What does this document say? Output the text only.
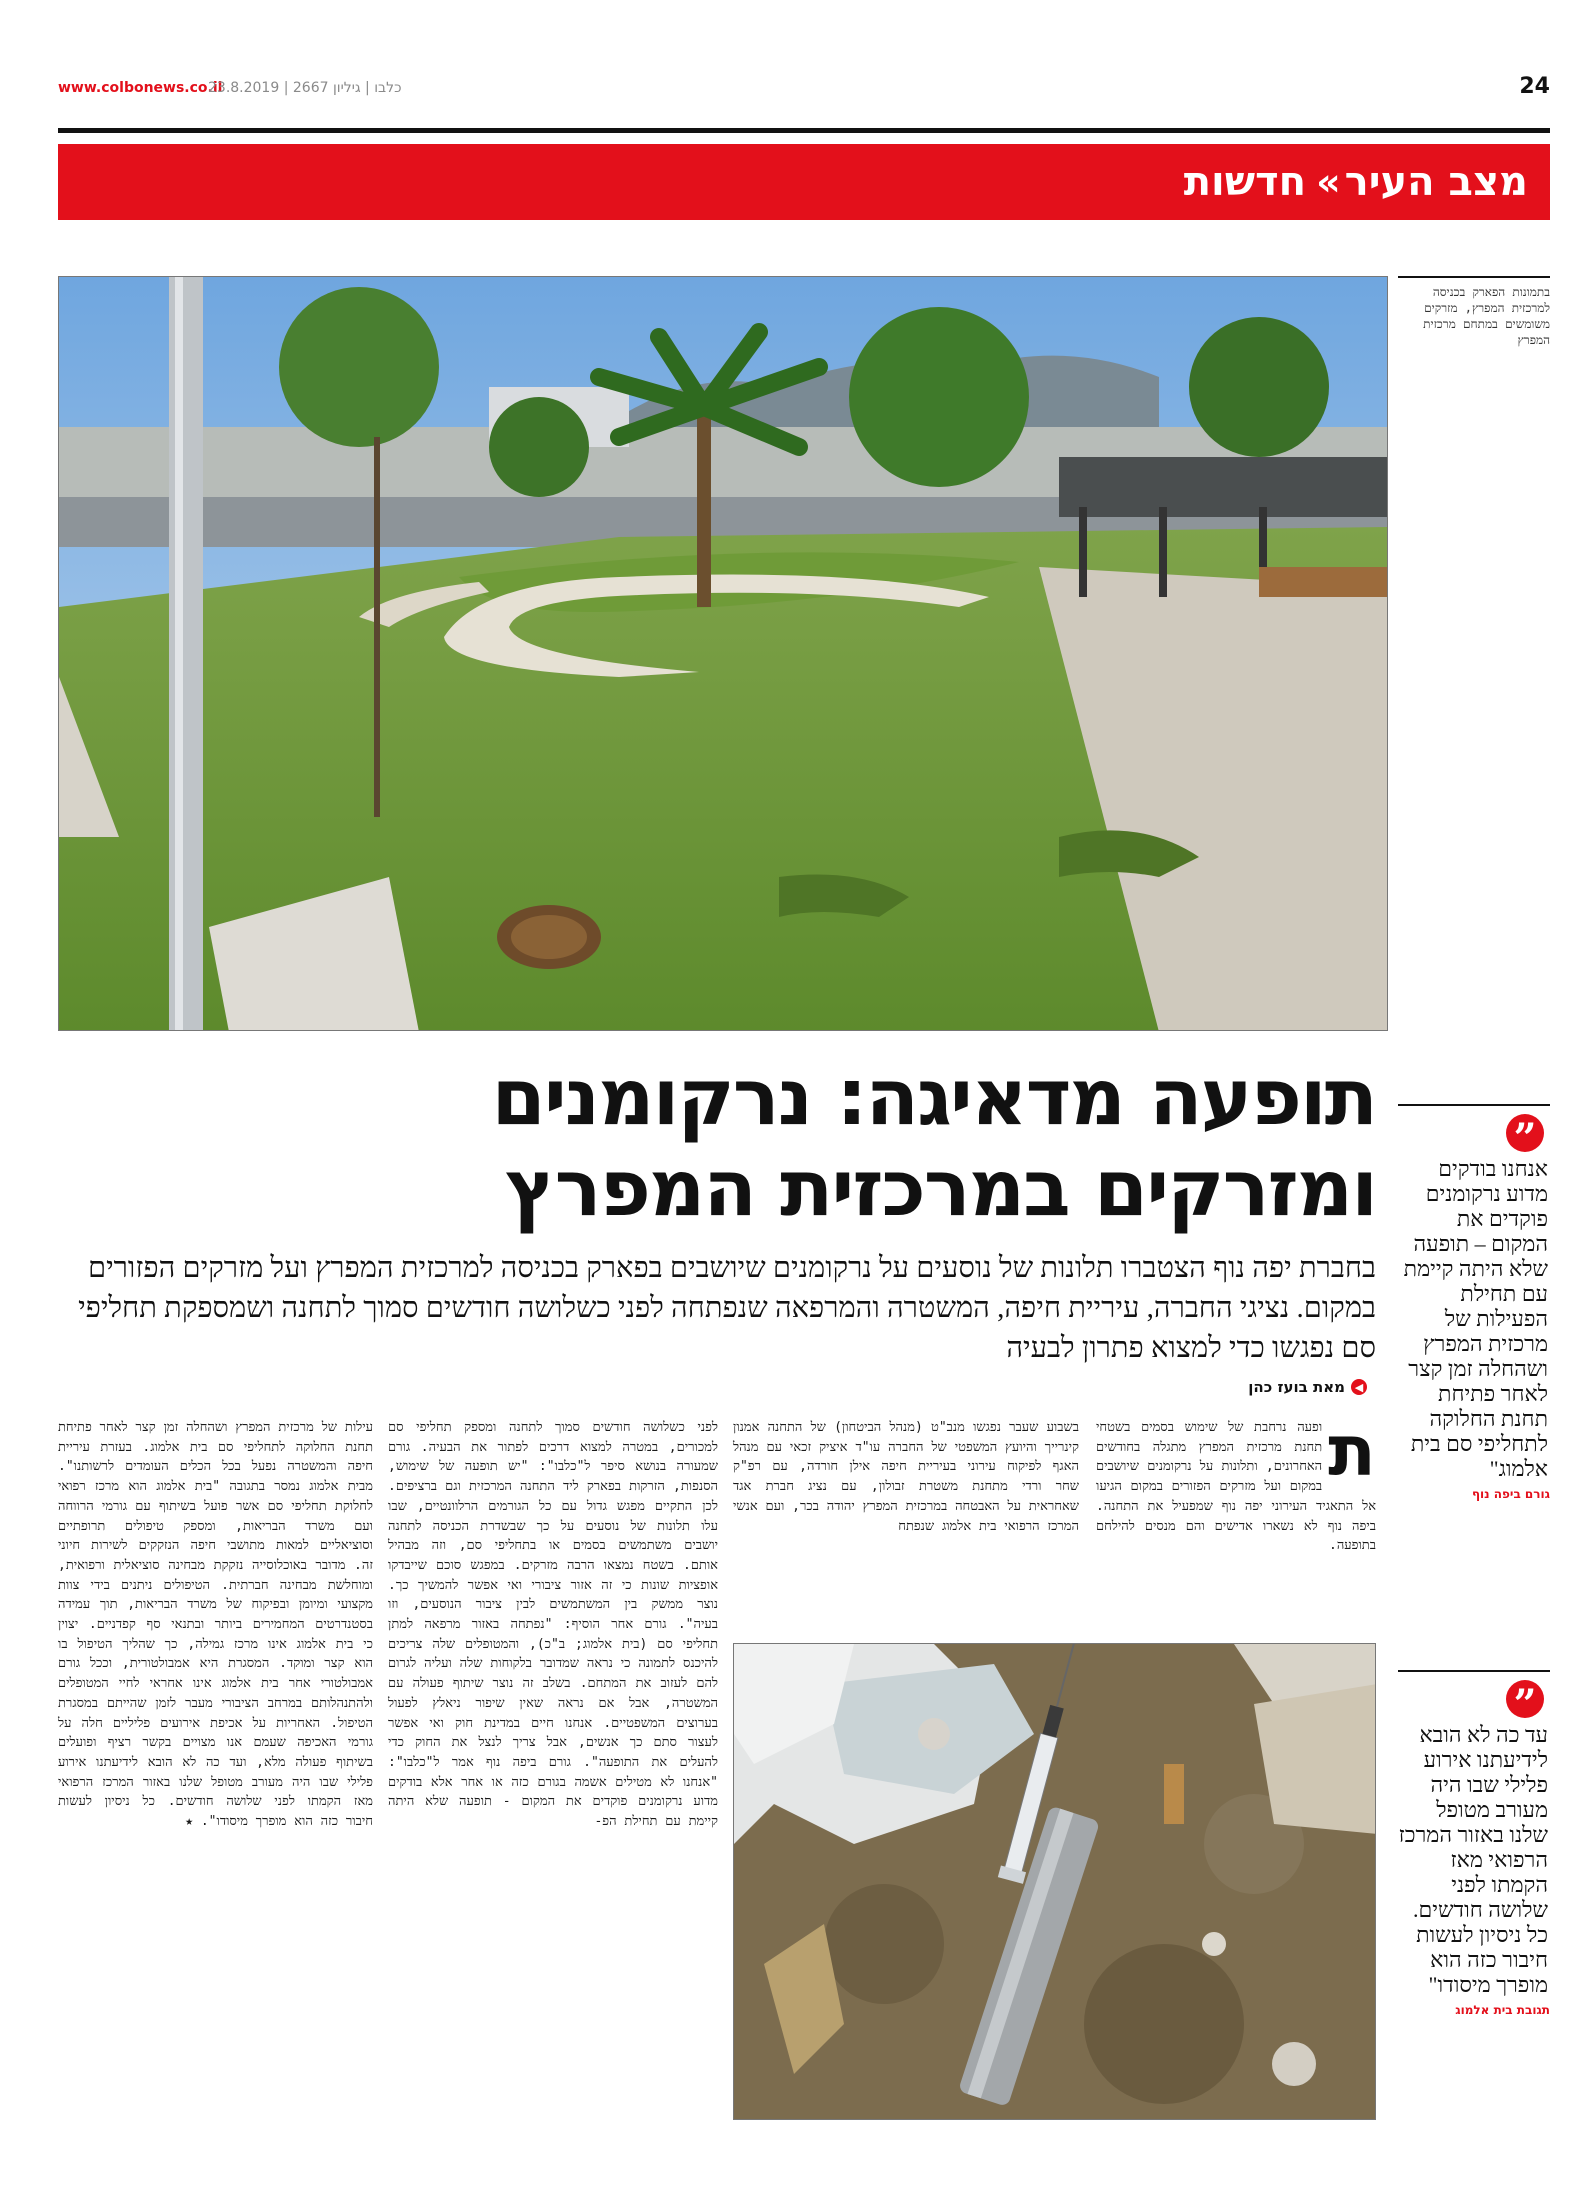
www.colbonews.co.il
כלבו | גיליון 2667 | 23.8.2019	24
מצב העיר
»
חדשות
בתמונות הפארק בכניסה למרכזית המפרץ, מזרקים משומשים במתחם מרכזית המפרץ
תופעה מדאיגה: נרקומנים
ומזרקים במרכזית המפרץ
בחברת יפה נוף הצטברו תלונות של נוסעים על נרקומנים שיושבים בפארק בכניסה למרכזית המפרץ ועל מזרקים הפזורים במקום. נציגי החברה, עיריית חיפה, המשטרה והמרפאה שנפתחה לפני כשלושה חודשים סמוך לתחנה ושמספקת תחליפי סם נפגשו כדי למצוא פתרון לבעיה
◀
מאת בועז כהן
ת

ופעה נרחבת של שימוש בסמים בשטחי תחנת מרכזית המפרץ מתגלה בחודשים האחרונים, ותלונות על נרקומנים שיושבים במקום ועל מזרקים הפזורים במקום הגיעו אל התאגיד העירוני יפה נוף שמפעיל את התחנה. ביפה נוף לא נשארו אדישים והם מנסים להילחם בתופעה.

בשבוע שעבר נפגשו מנב"ט (מנהל הביטחון) של התחנה אמנון קינרייך והיועץ המשפטי של החברה עו"ד איציק זכאי עם מנהל האגף לפיקוח עירוני בעיריית חיפה אילן חורדה, עם רפ"ק שחר ורדי מתחנת משטרת זבולון, עם נציג חברת אגד שאחראית על האבטחה במרכזית המפרץ יהודה בכר, ועם אנשי המרכז הרפואי בית אלמוג שנפתח

לפני כשלושה חודשים סמוך לתחנה ומספק תחליפי סם למכורים, במטרה למצוא דרכים לפתור את הבעיה. גורם שמעורה בנושא סיפר ל"כלבו": "יש תופעה של שימוש, הסנפות, הזרקות בפארק ליד התחנה המרכזית וגם ברציפים. לכן התקיים מפגש גדול עם כל הגורמים הרלוונטיים, שבו עלו תלונות של נוסעים על כך שבשדרת הכניסה לתחנה יושבים משתמשים בסמים או בתחליפי סם, וזה מבהיל אותם. בשטח נמצאו הרבה מזרקים. במפגש סוכם שייבדקו אופציות שונות כי זה אזור ציבורי ואי אפשר להמשיך כך. נוצר ממשק בין המשתמשים לבין ציבור הנוסעים, וזו בעיה". גורם אחר הוסיף: "נפתחה באזור מרפאה למתן תחליפי סם (בית אלמוג; ב"כ), והמטופלים שלה צריכים להיכנס לתמונה כי נראה שמדובר בלקוחות שלה ועליה לגרום להם לעזוב את המתחם. בשלב זה נוצר שיתוף פעולה עם המשטרה, אבל אם נראה שאין שיפור ניאלץ לפעול בערוצים המשפטיים. אנחנו חיים במדינת חוק ואי אפשר לעצור סתם כך אנשים, אבל צריך לנצל את החוק כדי להעלים את התופעה". גורם ביפה נוף אמר ל"כלבו": "אנחנו לא מטילים אשמה בגורם כזה או אחר אלא בודקים מדוע נרקומנים פוקדים את המקום - תופעה שלא היתה קיימת עם תחילת הפ-

עילות של מרכזית המפרץ ושהחלה זמן קצר לאחר פתיחת תחנת החלוקה לתחליפי סם בית אלמוג. בעזרת עיריית חיפה והמשטרה נפעל בכל הכלים העומדים לרשותנו". מבית אלמוג נמסר בתגובה "בית אלמוג הוא מרכז רפואי לחלוקת תחליפי סם אשר פועל בשיתוף עם גורמי הרווחה ועם משרד הבריאות, ומספק טיפולים תרופתיים וסוציאליים למאות מתושבי חיפה הנזקקים לשירות חיוני זה. מדובר באוכלוסייה נזקקת מבחינה סוציאלית ורפואית, ומוחלשת מבחינה חברתית. הטיפולים ניתנים בידי צוות מקצועי ומיומן ובפיקוח של משרד הבריאות, תוך עמידה בסטנדרטים המחמירים ביותר ובתנאי סף קפדניים. יצוין כי בית אלמוג אינו מרכז גמילה, כך שהליך הטיפול בו הוא קצר ומוקד. המסגרת היא אמבולטורית, וככל גורם אמבולטורי אחר בית אלמוג אינו אחראי לחיי המטופלים ולהתנהלותם במרחב הציבורי מעבר לזמן שהייתם במסגרת הטיפול. האחריות על אכיפת אירועים פליליים חלה על גורמי האכיפה שעמם אנו מצויים בקשר רציף ופועלים בשיתוף פעולה מלא, ועד כה לא הובא לידיעתנו אירוע פלילי שבו היה מעורב מטופל שלנו באזור המרכז הרפואי מאז הקמתו לפני שלושה חודשים. כל ניסיון לעשות חיבור כזה הוא מופרך מיסודו". ★

”
אנחנו בודקים מדוע נרקומנים פוקדים את המקום – תופעה שלא היתה קיימת עם תחילת הפעילות של מרכזית המפרץ ושהחלה זמן קצר לאחר פתיחת תחנת החלוקה לתחליפי סם בית אלמוג"
גורם ביפה נוף
”
עד כה לא הובא לידיעתנו אירוע פלילי שבו היה מעורב מטופל שלנו באזור המרכז הרפואי מאז הקמתו לפני שלושה חודשים. כל ניסיון לעשות חיבור כזה הוא מופרך מיסודו"
תגובת בית אלמוג
